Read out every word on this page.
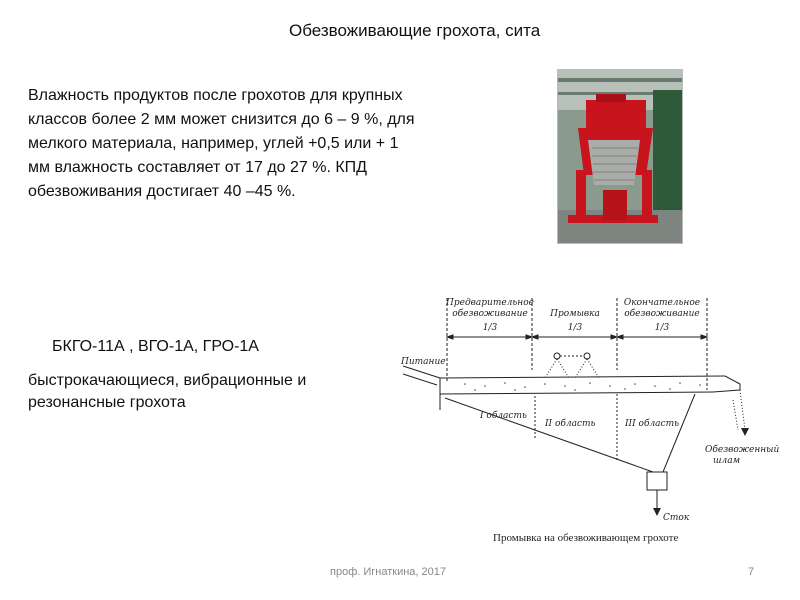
Обезвоживающие грохота, сита
Влажность продуктов после грохотов для крупных классов более 2 мм может снизится до 6 – 9 %, для мелкого материала, например, углей +0,5 или + 1 мм влажность составляет от 17 до 27 %. КПД обезвоживания достигает 40 –45 %.
БКГО-11А , ВГО-1А, ГРО-1А
быстрокачающиеся, вибрационные и резонансные грохота
Предварительное
обезвоживание
1/3
Промывка
1/3
Окончательное
обезвоживание
1/3
Питание
I область
II область	III область
Обезвоженный
шлам
Сток
Промывка на обезвоживающем грохоте
проф. Игнаткина, 2017	7
